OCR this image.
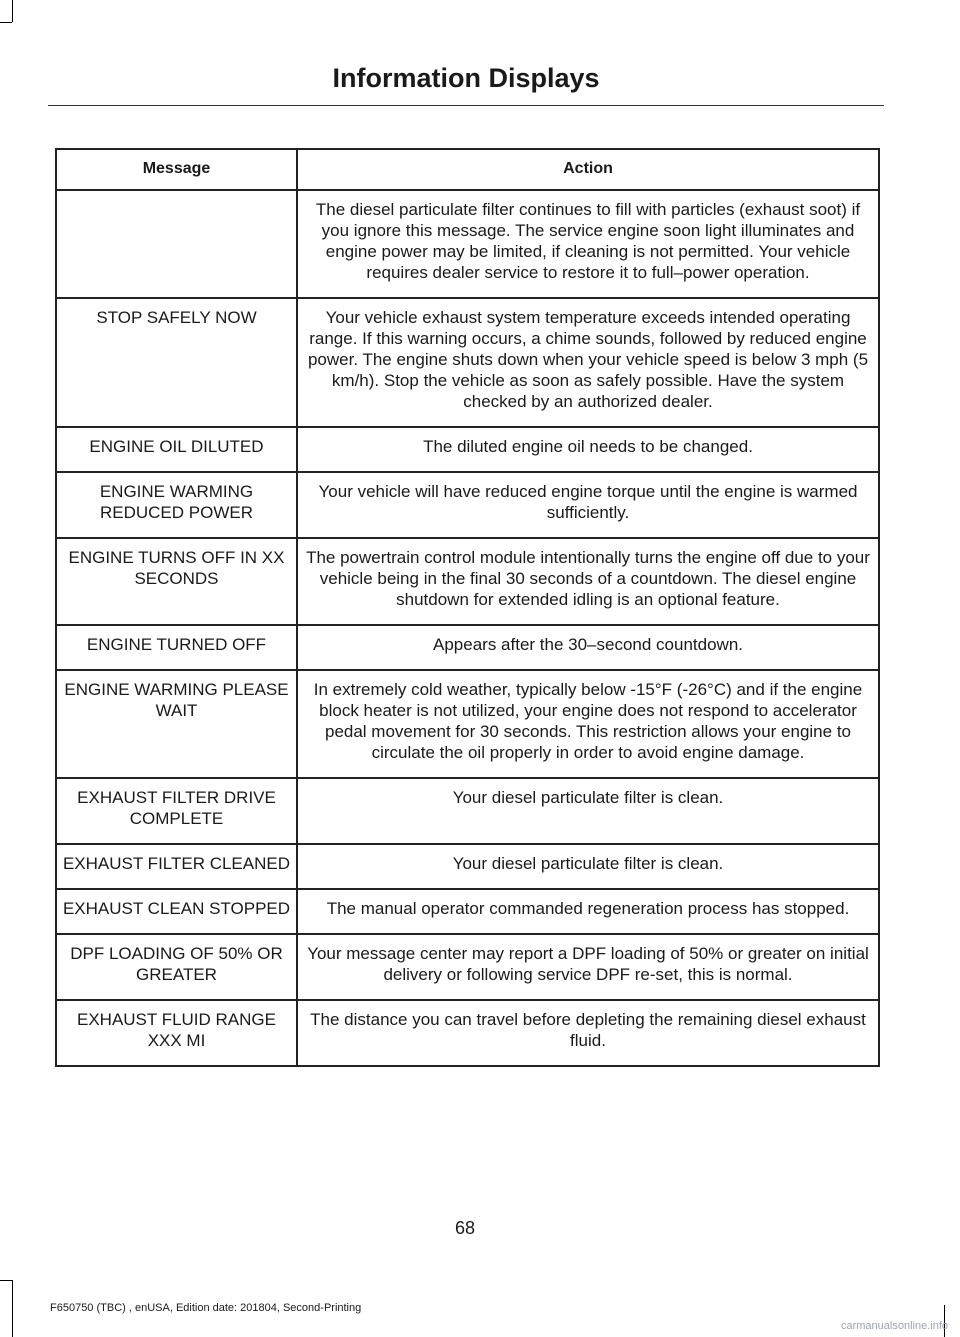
Information Displays
Message	Action
	The diesel particulate filter continues to fill with particles (exhaust soot) if you ignore this message. The service engine soon light illuminates and engine power may be limited, if cleaning is not permitted. Your vehicle requires dealer service to restore it to full–power operation.
STOP SAFELY NOW	Your vehicle exhaust system temperature exceeds intended operating range. If this warning occurs, a chime sounds, followed by reduced engine power. The engine shuts down when your vehicle speed is below 3 mph (5 km/h). Stop the vehicle as soon as safely possible. Have the system checked by an authorized dealer.
ENGINE OIL DILUTED	The diluted engine oil needs to be changed.
ENGINE WARMING REDUCED POWER	Your vehicle will have reduced engine torque until the engine is warmed sufficiently.
ENGINE TURNS OFF IN XX SECONDS	The powertrain control module intentionally turns the engine off due to your vehicle being in the final 30 seconds of a countdown. The diesel engine shutdown for extended idling is an optional feature.
ENGINE TURNED OFF	Appears after the 30–second countdown.
ENGINE WARMING PLEASE WAIT	In extremely cold weather, typically below -15°F (-26°C) and if the engine block heater is not utilized, your engine does not respond to accelerator pedal movement for 30 seconds. This restriction allows your engine to circulate the oil properly in order to avoid engine damage.
EXHAUST FILTER DRIVE COMPLETE	Your diesel particulate filter is clean.
EXHAUST FILTER CLEANED	Your diesel particulate filter is clean.
EXHAUST CLEAN STOPPED	The manual operator commanded regeneration process has stopped.
DPF LOADING OF 50% OR GREATER	Your message center may report a DPF loading of 50% or greater on initial delivery or following service DPF re-set, this is normal.
EXHAUST FLUID RANGE XXX MI	The distance you can travel before depleting the remaining diesel exhaust fluid.
68
F650750 (TBC) , enUSA, Edition date: 201804, Second-Printing
carmanualsonline.info
